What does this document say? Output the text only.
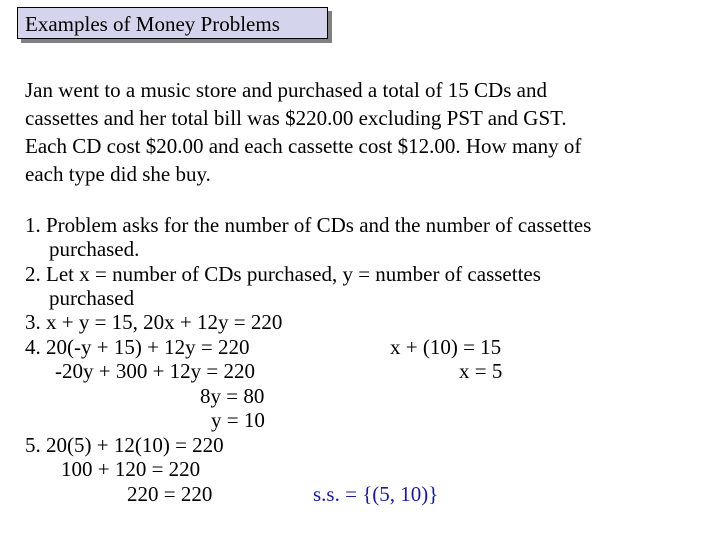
Examples of Money Problems
Jan went to a music store and purchased a total of 15 CDs and
cassettes and her total bill was $220.00 excluding PST and GST.
Each CD cost $20.00 and each cassette cost $12.00. How many of
each type did she buy.
1. Problem asks for the number of CDs and the number of cassettes
purchased.
2. Let x = number of CDs purchased, y = number of cassettes
purchased
3. x + y = 15, 20x + 12y = 220
4. 20(-y + 15) + 12y = 220	x + (10) = 15
-20y + 300 + 12y = 220	x = 5
8y = 80
y = 10
5. 20(5) + 12(10) = 220
100 + 120 = 220
220 = 220	s.s. = {(5, 10)}
